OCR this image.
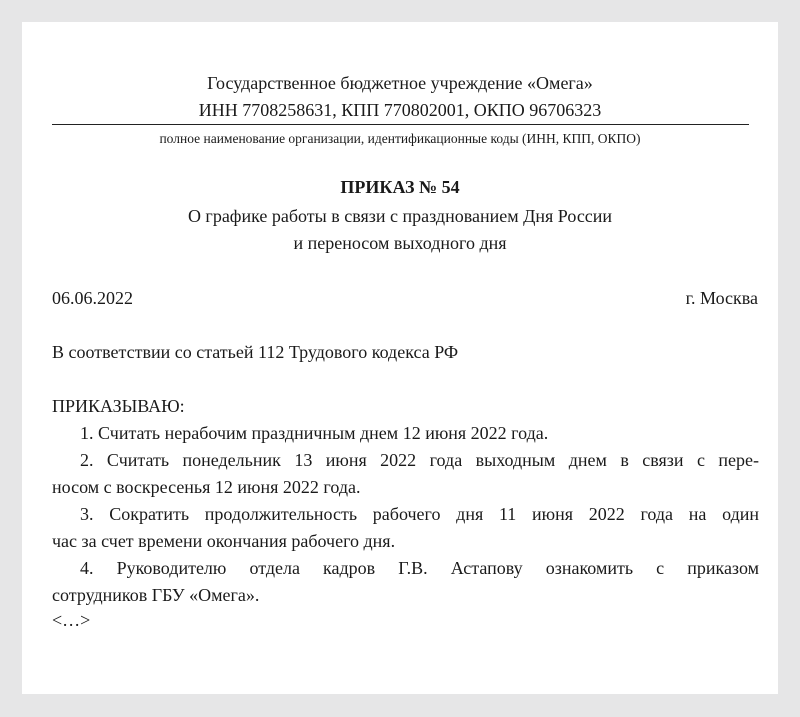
Государственное бюджетное учреждение «Омега»
ИНН 7708258631, КПП 770802001, ОКПО 96706323
полное наименование организации, идентификационные коды (ИНН, КПП, ОКПО)
ПРИКАЗ № 54
О графике работы в связи с празднованием Дня России
и переносом выходного дня
06.06.2022	г. Москва
В соответствии со статьей 112 Трудового кодекса РФ
ПРИКАЗЫВАЮ:
1. Считать нерабочим праздничным днем 12 июня 2022 года.
2. Считать понедельник 13 июня 2022 года выходным днем в связи с пере-
носом с воскресенья 12 июня 2022 года.
3. Сократить продолжительность рабочего дня 11 июня 2022 года на один
час за счет времени окончания рабочего дня.
4. Руководителю отдела кадров Г.В. Астапову ознакомить с приказом
сотрудников ГБУ «Омега».
<…>
